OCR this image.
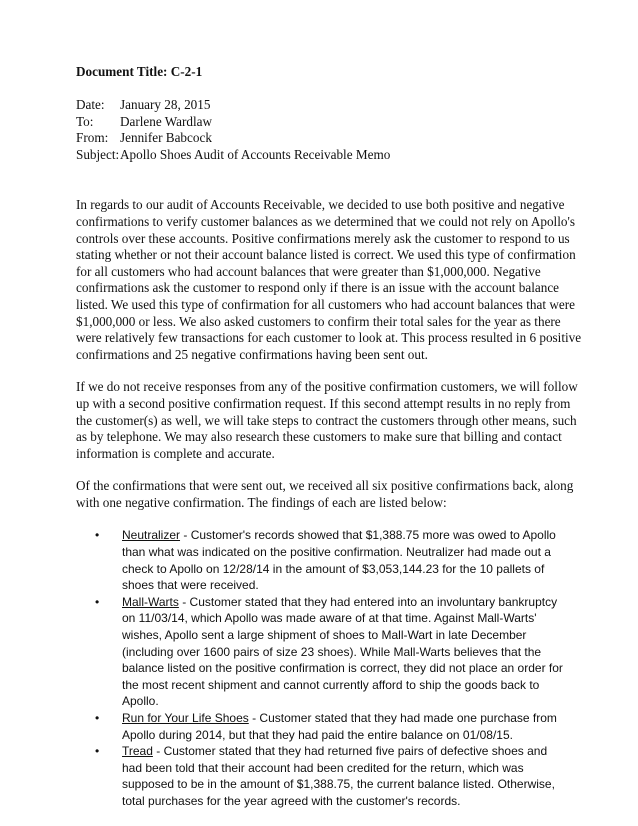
Document Title: C-2-1

Date:	January 28, 2015
To:	Darlene Wardlaw
From: Jennifer Babcock
Subject: Apollo Shoes Audit of Accounts Receivable Memo

In regards to our audit of Accounts Receivable, we decided to use both positive and negative confirmations to verify customer balances as we determined that we could not rely on Apollo's controls over these accounts. Positive confirmations merely ask the customer to respond to us stating whether or not their account balance listed is correct. We used this type of confirmation for all customers who had account balances that were greater than $1,000,000. Negative confirmations ask the customer to respond only if there is an issue with the account balance listed. We used this type of confirmation for all customers who had account balances that were $1,000,000 or less. We also asked customers to confirm their total sales for the year as there were relatively few transactions for each customer to look at. This process resulted in 6 positive confirmations and 25 negative confirmations having been sent out.

If we do not receive responses from any of the positive confirmation customers, we will follow up with a second positive confirmation request. If this second attempt results in no reply from the customer(s) as well, we will take steps to contract the customers through other means, such as by telephone. We may also research these customers to make sure that billing and contact information is complete and accurate.

Of the confirmations that were sent out, we received all six positive confirmations back, along with one negative confirmation. The findings of each are listed below:

• Neutralizer - Customer's records showed that $1,388.75 more was owed to Apollo than what was indicated on the positive confirmation. Neutralizer had made out a check to Apollo on 12/28/14 in the amount of $3,053,144.23 for the 10 pallets of shoes that were received.
• Mall-Warts - Customer stated that they had entered into an involuntary bankruptcy on 11/03/14, which Apollo was made aware of at that time. Against Mall-Warts' wishes, Apollo sent a large shipment of shoes to Mall-Wart in late December (including over 1600 pairs of size 23 shoes). While Mall-Warts believes that the balance listed on the positive confirmation is correct, they did not place an order for the most recent shipment and cannot currently afford to ship the goods back to Apollo.
• Run for Your Life Shoes - Customer stated that they had made one purchase from Apollo during 2014, but that they had paid the entire balance on 01/08/15.
• Tread - Customer stated that they had returned five pairs of defective shoes and had been told that their account had been credited for the return, which was supposed to be in the amount of $1,388.75, the current balance listed. Otherwise, total purchases for the year agreed with the customer's records.
